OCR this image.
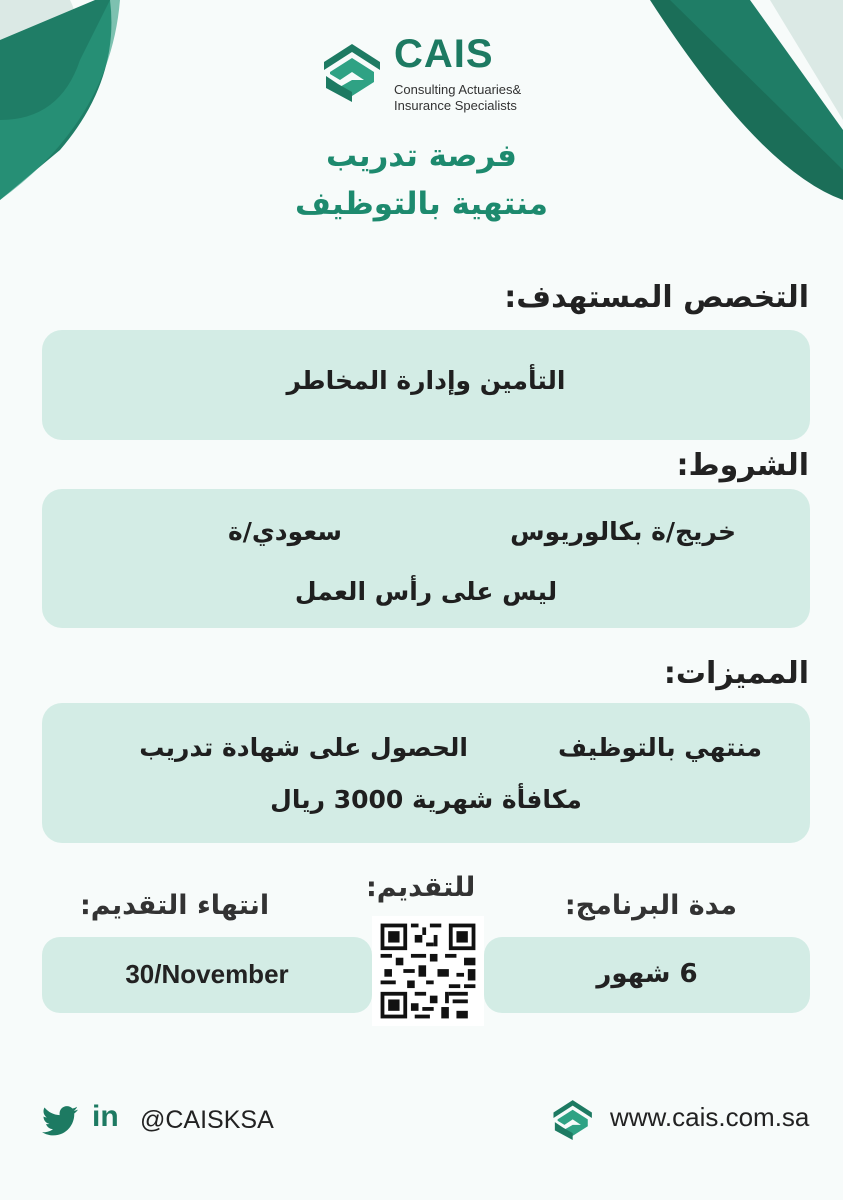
CAIS
Consulting Actuaries&
Insurance Specialists
فرصة تدريب
منتهية بالتوظيف
التخصص المستهدف:
التأمين وإدارة المخاطر
الشروط:
خريج/ة بكالوريوس
سعودي/ة
ليس على رأس العمل
المميزات:
منتهي بالتوظيف
الحصول على شهادة تدريب
مكافأة شهرية 3000 ريال
مدة البرنامج:
للتقديم:
انتهاء التقديم:
30/November	6 شهور
in @CAISKSA	www.cais.com.sa
